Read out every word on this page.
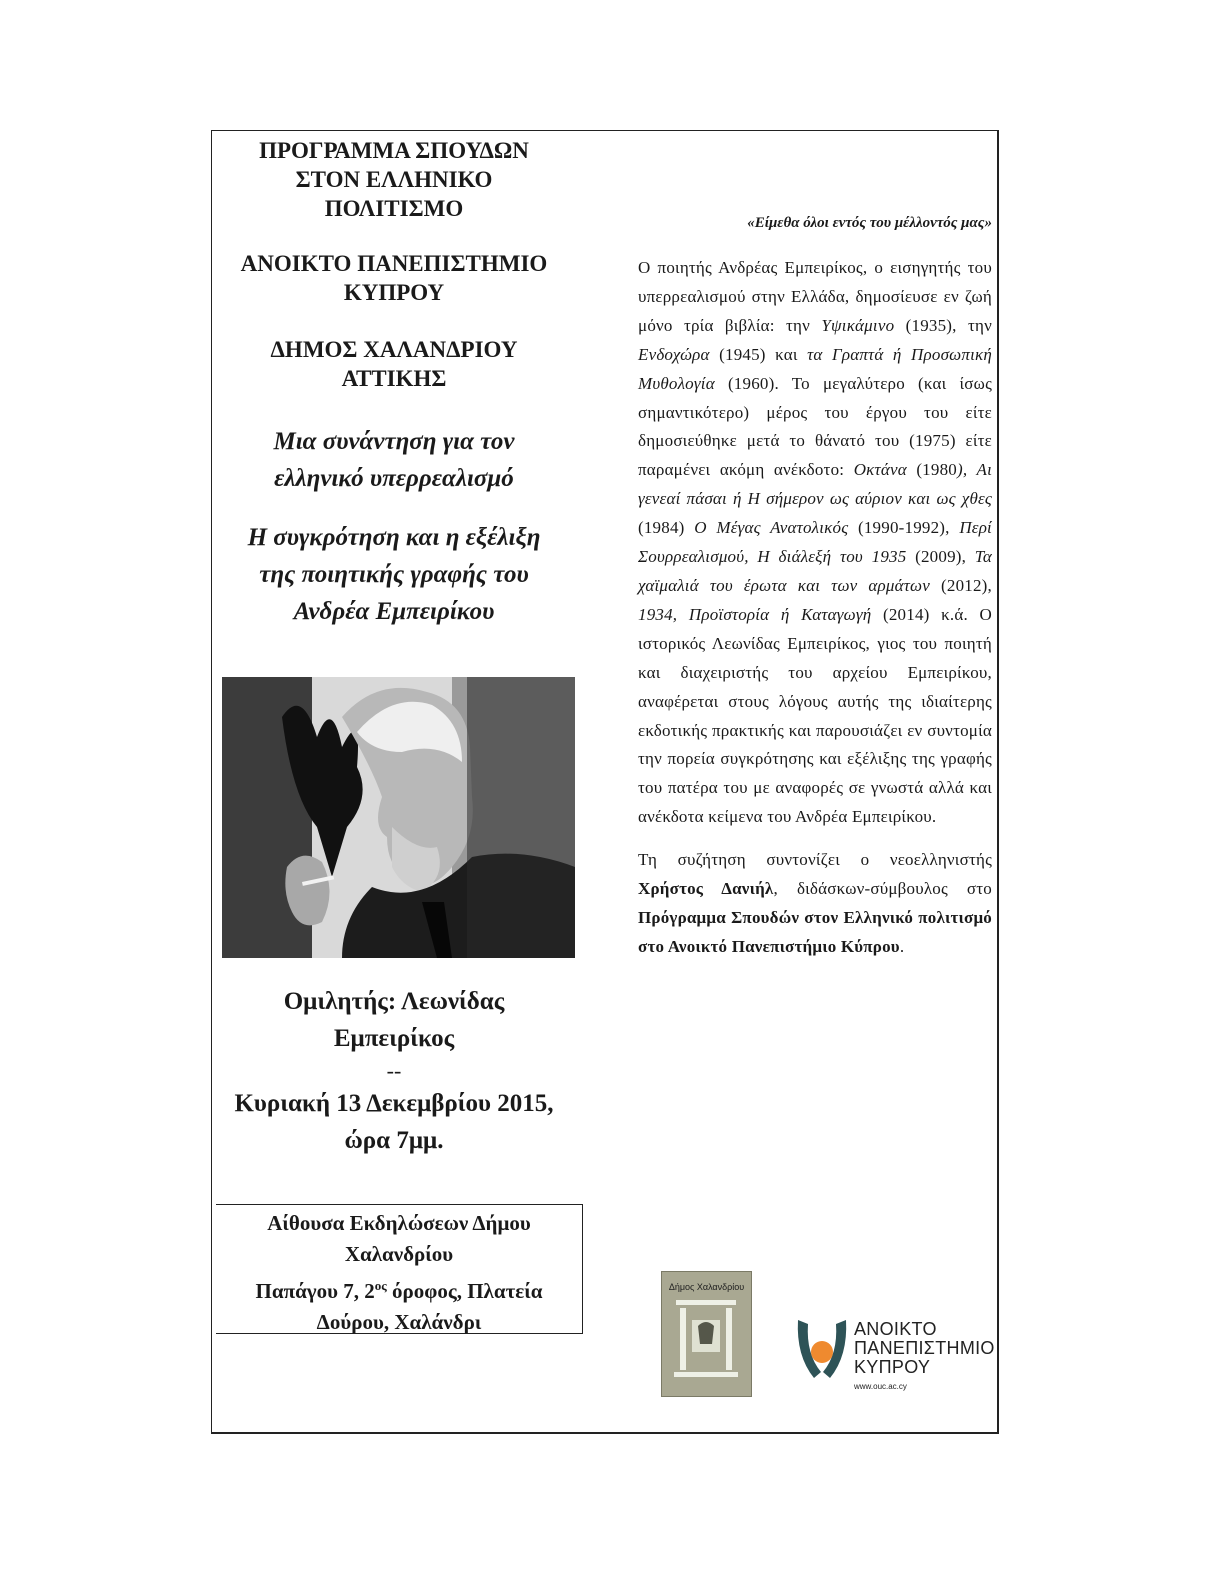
ΠΡΟΓΡΑΜΜΑ ΣΠΟΥΔΩΝ

ΣΤΟΝ ΕΛΛΗΝΙΚΟ

ΠΟΛΙΤΙΣΜΟ

ΑΝΟΙΚΤΟ ΠΑΝΕΠΙΣΤΗΜΙΟ

ΚΥΠΡΟΥ

ΔΗΜΟΣ ΧΑΛΑΝΔΡΙΟΥ

ΑΤΤΙΚΗΣ

Μια συνάντηση για τον

ελληνικό υπερρεαλισμό

Η συγκρότηση και η εξέλιξη

της ποιητικής γραφής του

Ανδρέα Εμπειρίκου

Ομιλητής: Λεωνίδας

Εμπειρίκος

--

Κυριακή 13 Δεκεμβρίου 2015,

ώρα 7μμ.

Αίθουσα Εκδηλώσεων Δήμου

Χαλανδρίου

Παπάγου 7, $2^{o\varsigma}$ όροφος, Πλατεία

Δούρου, Χαλάνδρι

«Είμεθα όλοι εντός του μέλλοντός μας»

Ο ποιητής Ανδρέας Εμπειρίκος, ο εισηγητής του υπερρεαλισμού στην Ελλάδα, δημοσίευσε εν ζωή μόνο τρία βιβλία: την Υψικάμινο (1935), την Ενδοχώρα (1945) και τα Γραπτά ή Προσωπική Μυθολογία (1960). Το μεγαλύτερο (και ίσως σημαντικότερο) μέρος του έργου του είτε δημοσιεύθηκε μετά το θάνατό του (1975) είτε παραμένει ακόμη ανέκδοτο: Οκτάνα (1980), Αι γενεαί πάσαι ή Η σήμερον ως αύριον και ως χθες (1984) Ο Μέγας Ανατολικός (1990-1992), Περί Σουρρεαλισμού, Η διάλεξή του 1935 (2009), Τα χαϊμαλιά του έρωτα και των αρμάτων (2012), 1934, Προϊστορία ή Καταγωγή (2014) κ.ά. Ο ιστορικός Λεωνίδας Εμπειρίκος, γιος του ποιητή και διαχειριστής του αρχείου Εμπειρίκου, αναφέρεται στους λόγους αυτής της ιδιαίτερης εκδοτικής πρακτικής και παρουσιάζει εν συντομία την πορεία συγκρότησης και εξέλιξης της γραφής του πατέρα του με αναφορές σε γνωστά αλλά και ανέκδοτα κείμενα του Ανδρέα Εμπειρίκου.

Τη συζήτηση συντονίζει ο νεοελληνιστής Χρήστος Δανιήλ, διδάσκων-σύμβουλος στο Πρόγραμμα Σπουδών στον Ελληνικό πολιτισμό στο Ανοικτό Πανεπιστήμιο Κύπρου.

Δήμος Χαλανδρίου
ΑΝΟΙΚΤΟ
ΠΑΝΕΠΙΣΤΗΜΙΟ
ΚΥΠΡΟΥ
www.ouc.ac.cy
